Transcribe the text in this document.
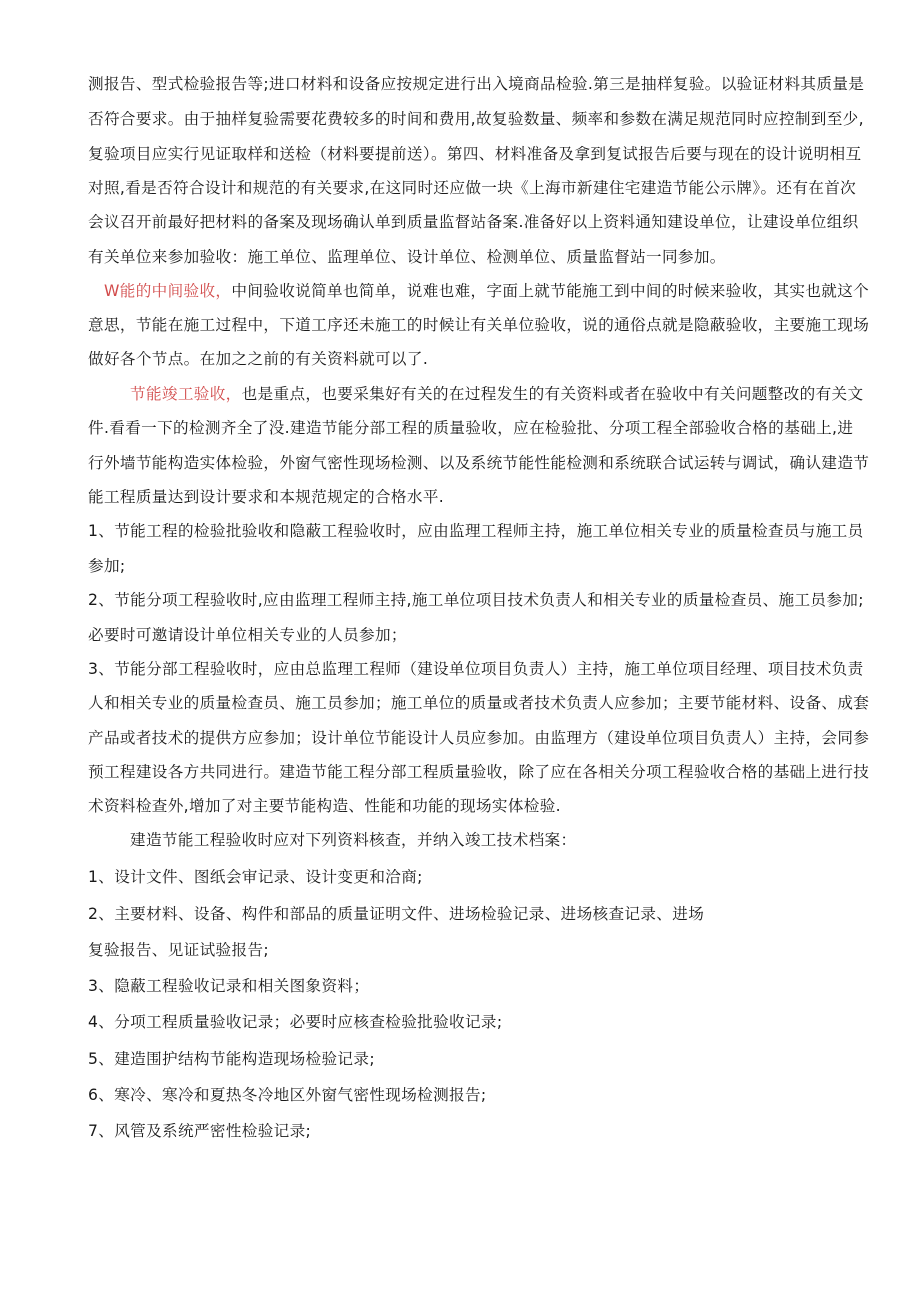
测报告、型式检验报告等;进口材料和设备应按规定进行出入境商品检验.第三是抽样复验。以验证材料其质量是
否符合要求。由于抽样复验需要花费较多的时间和费用,故复验数量、频率和参数在满足规范同时应控制到至少,
复验项目应实行见证取样和送检（材料要提前送）。第四、材料准备及拿到复试报告后要与现在的设计说明相互
对照,看是否符合设计和规范的有关要求,在这同时还应做一块《上海市新建住宅建造节能公示牌》。还有在首次
会议召开前最好把材料的备案及现场确认单到质量监督站备案.准备好以上资料通知建设单位，让建设单位组织
有关单位来参加验收：施工单位、监理单位、设计单位、检测单位、质量监督站一同参加。
W能的中间验收，中间验收说简单也简单，说难也难，字面上就节能施工到中间的时候来验收，其实也就这个
意思，节能在施工过程中，下道工序还未施工的时候让有关单位验收，说的通俗点就是隐蔽验收，主要施工现场
做好各个节点。在加之之前的有关资料就可以了.
节能竣工验收，也是重点，也要采集好有关的在过程发生的有关资料或者在验收中有关问题整改的有关文
件.看看一下的检测齐全了没.建造节能分部工程的质量验收，应在检验批、分项工程全部验收合格的基础上,进
行外墙节能构造实体检验，外窗气密性现场检测、以及系统节能性能检测和系统联合试运转与调试，确认建造节
能工程质量达到设计要求和本规范规定的合格水平.
1、节能工程的检验批验收和隐蔽工程验收时，应由监理工程师主持，施工单位相关专业的质量检查员与施工员
参加;
2、节能分项工程验收时,应由监理工程师主持,施工单位项目技术负责人和相关专业的质量检查员、施工员参加;
必要时可邀请设计单位相关专业的人员参加；
3、节能分部工程验收时，应由总监理工程师（建设单位项目负责人）主持，施工单位项目经理、项目技术负责
人和相关专业的质量检查员、施工员参加；施工单位的质量或者技术负责人应参加；主要节能材料、设备、成套
产品或者技术的提供方应参加；设计单位节能设计人员应参加。由监理方（建设单位项目负责人）主持，会同参
预工程建设各方共同进行。建造节能工程分部工程质量验收，除了应在各相关分项工程验收合格的基础上进行技
术资料检查外,增加了对主要节能构造、性能和功能的现场实体检验.
建造节能工程验收时应对下列资料核查，并纳入竣工技术档案：
1、设计文件、图纸会审记录、设计变更和洽商;
2、主要材料、设备、构件和部品的质量证明文件、进场检验记录、进场核查记录、进场
复验报告、见证试验报告;
3、隐蔽工程验收记录和相关图象资料；
4、分项工程质量验收记录；必要时应核查检验批验收记录;
5、建造围护结构节能构造现场检验记录;
6、寒冷、寒冷和夏热冬冷地区外窗气密性现场检测报告;
7、风管及系统严密性检验记录;
